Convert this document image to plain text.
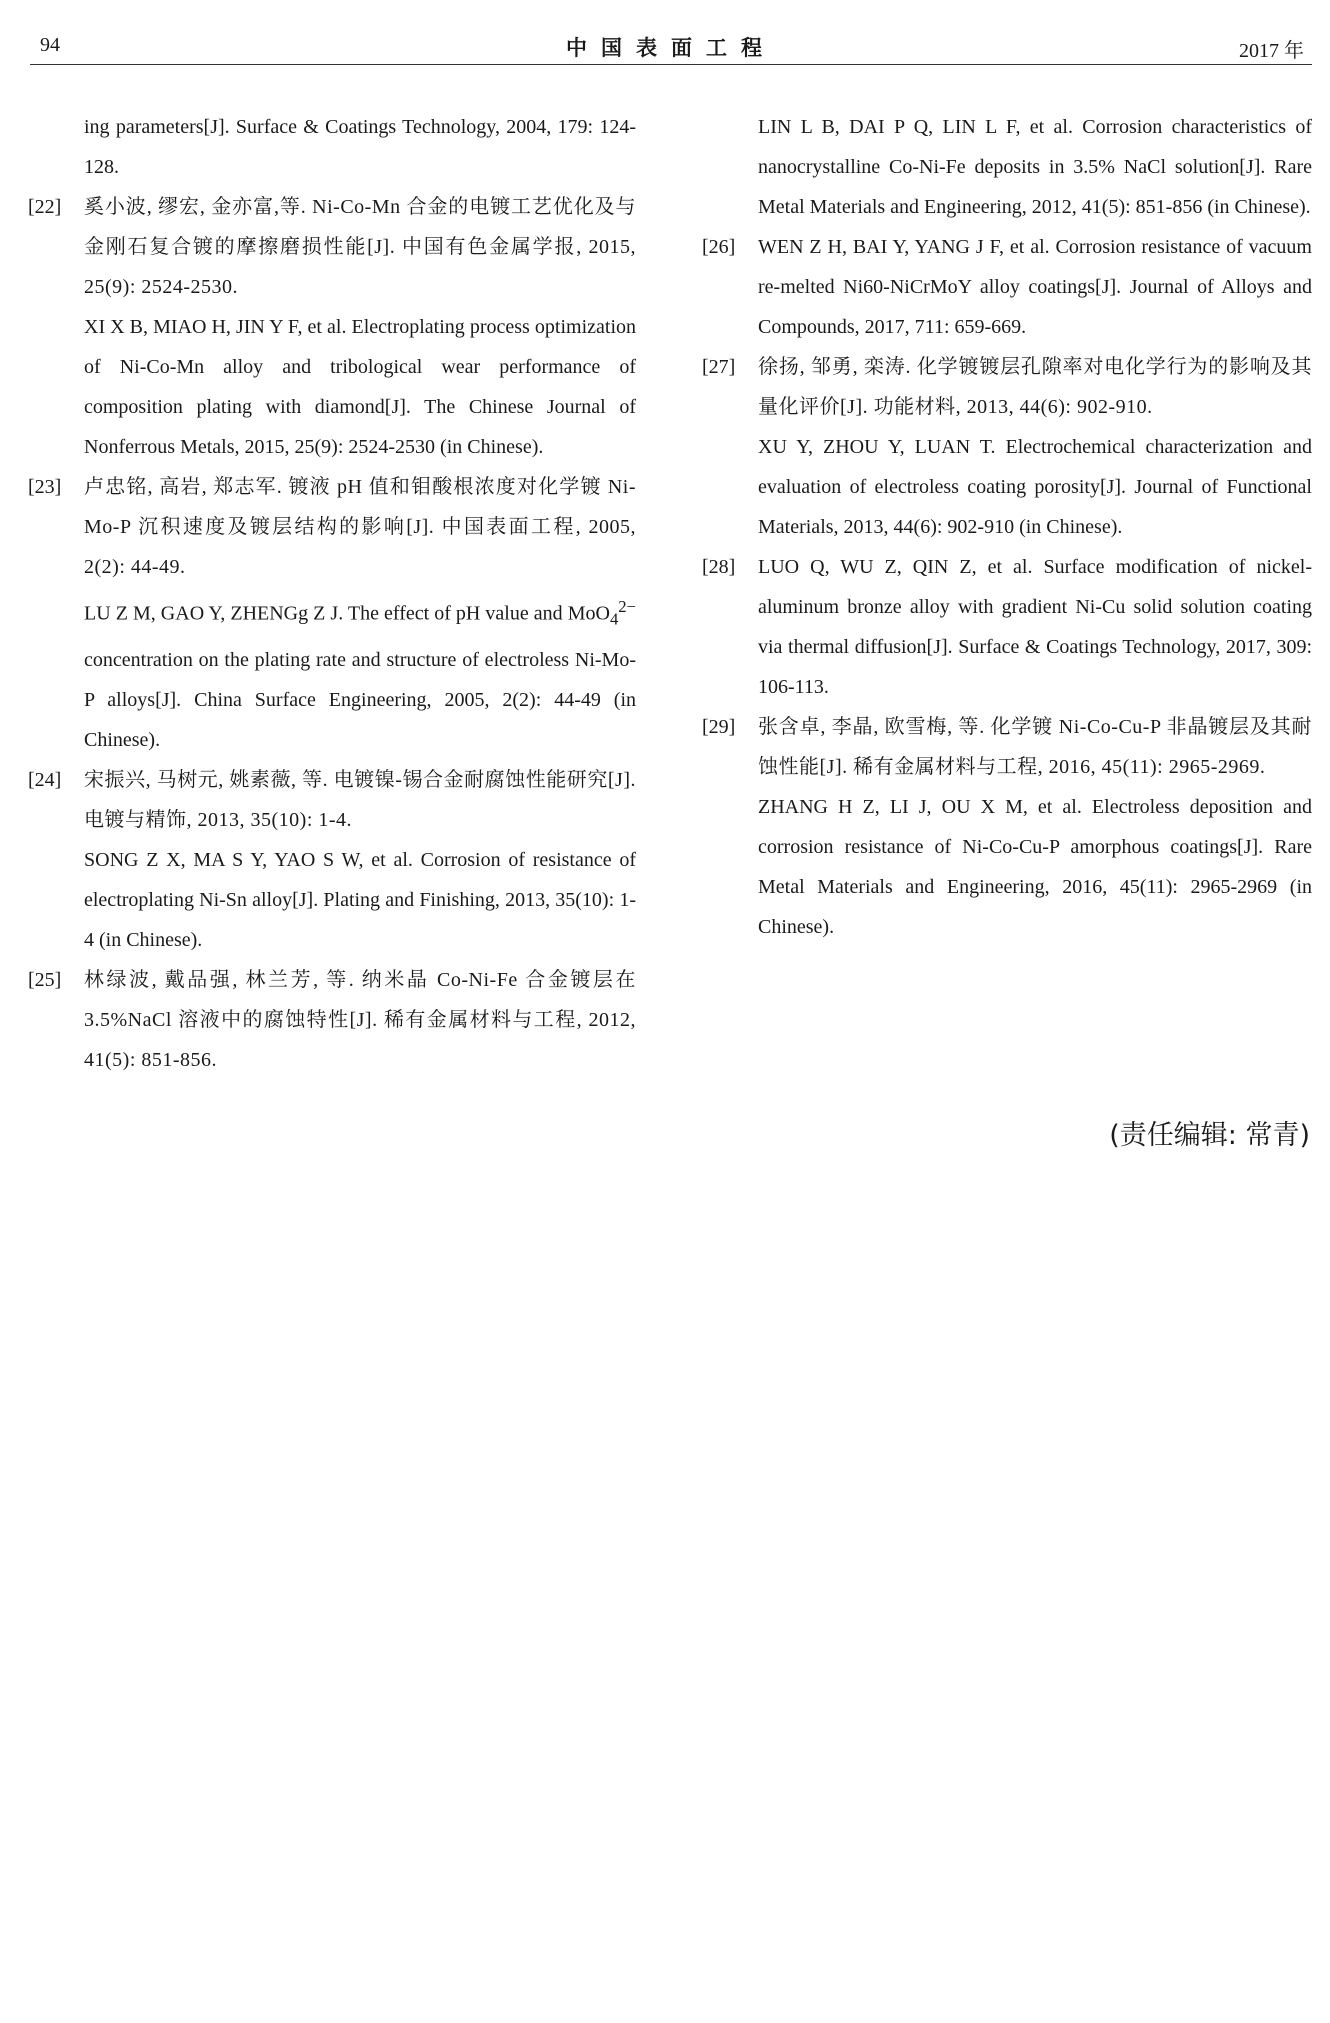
94	中国表面工程	2017 年

ing parameters[J]. Surface & Coatings Technology, 2004, 179: 124-128.

[22] 奚小波, 缪宏, 金亦富,等. Ni-Co-Mn 合金的电镀工艺优化及与金刚石复合镀的摩擦磨损性能[J]. 中国有色金属学报, 2015, 25(9): 2524-2530.

XI X B, MIAO H, JIN Y F, et al. Electroplating process optimization of Ni-Co-Mn alloy and tribological wear performance of composition plating with diamond[J]. The Chinese Journal of Nonferrous Metals, 2015, 25(9): 2524-2530 (in Chinese).

[23] 卢忠铭, 高岩, 郑志军. 镀液 pH 值和钼酸根浓度对化学镀 Ni-Mo-P 沉积速度及镀层结构的影响[J]. 中国表面工程, 2005, 2(2): 44-49.

LU Z M, GAO Y, ZHENGg Z J. The effect of pH value and MoO$_4^{2-}$ concentration on the plating rate and structure of electroless Ni-Mo-P alloys[J]. China Surface Engineering, 2005, 2(2): 44-49 (in Chinese).

[24] 宋振兴, 马树元, 姚素薇, 等. 电镀镍-锡合金耐腐蚀性能研究[J]. 电镀与精饰, 2013, 35(10): 1-4.

SONG Z X, MA S Y, YAO S W, et al. Corrosion of resistance of electroplating Ni-Sn alloy[J]. Plating and Finishing, 2013, 35(10): 1-4 (in Chinese).

[25] 林绿波, 戴品强, 林兰芳, 等. 纳米晶 Co-Ni-Fe 合金镀层在 3.5%NaCl 溶液中的腐蚀特性[J]. 稀有金属材料与工程, 2012, 41(5): 851-856.

LIN L B, DAI P Q, LIN L F, et al. Corrosion characteristics of nanocrystalline Co-Ni-Fe deposits in 3.5% NaCl solution[J]. Rare Metal Materials and Engineering, 2012, 41(5): 851-856 (in Chinese).

[26] WEN Z H, BAI Y, YANG J F, et al. Corrosion resistance of vacuum re-melted Ni60-NiCrMoY alloy coatings[J]. Journal of Alloys and Compounds, 2017, 711: 659-669.

[27] 徐扬, 邹勇, 栾涛. 化学镀镀层孔隙率对电化学行为的影响及其量化评价[J]. 功能材料, 2013, 44(6): 902-910.

XU Y, ZHOU Y, LUAN T. Electrochemical characterization and evaluation of electroless coating porosity[J]. Journal of Functional Materials, 2013, 44(6): 902-910 (in Chinese).

[28] LUO Q, WU Z, QIN Z, et al. Surface modification of nickel-aluminum bronze alloy with gradient Ni-Cu solid solution coating via thermal diffusion[J]. Surface & Coatings Technology, 2017, 309: 106-113.

[29] 张含卓, 李晶, 欧雪梅, 等. 化学镀 Ni-Co-Cu-P 非晶镀层及其耐蚀性能[J]. 稀有金属材料与工程, 2016, 45(11): 2965-2969.

ZHANG H Z, LI J, OU X M, et al. Electroless deposition and corrosion resistance of Ni-Co-Cu-P amorphous coatings[J]. Rare Metal Materials and Engineering, 2016, 45(11): 2965-2969 (in Chinese).

(责任编辑: 常青)
